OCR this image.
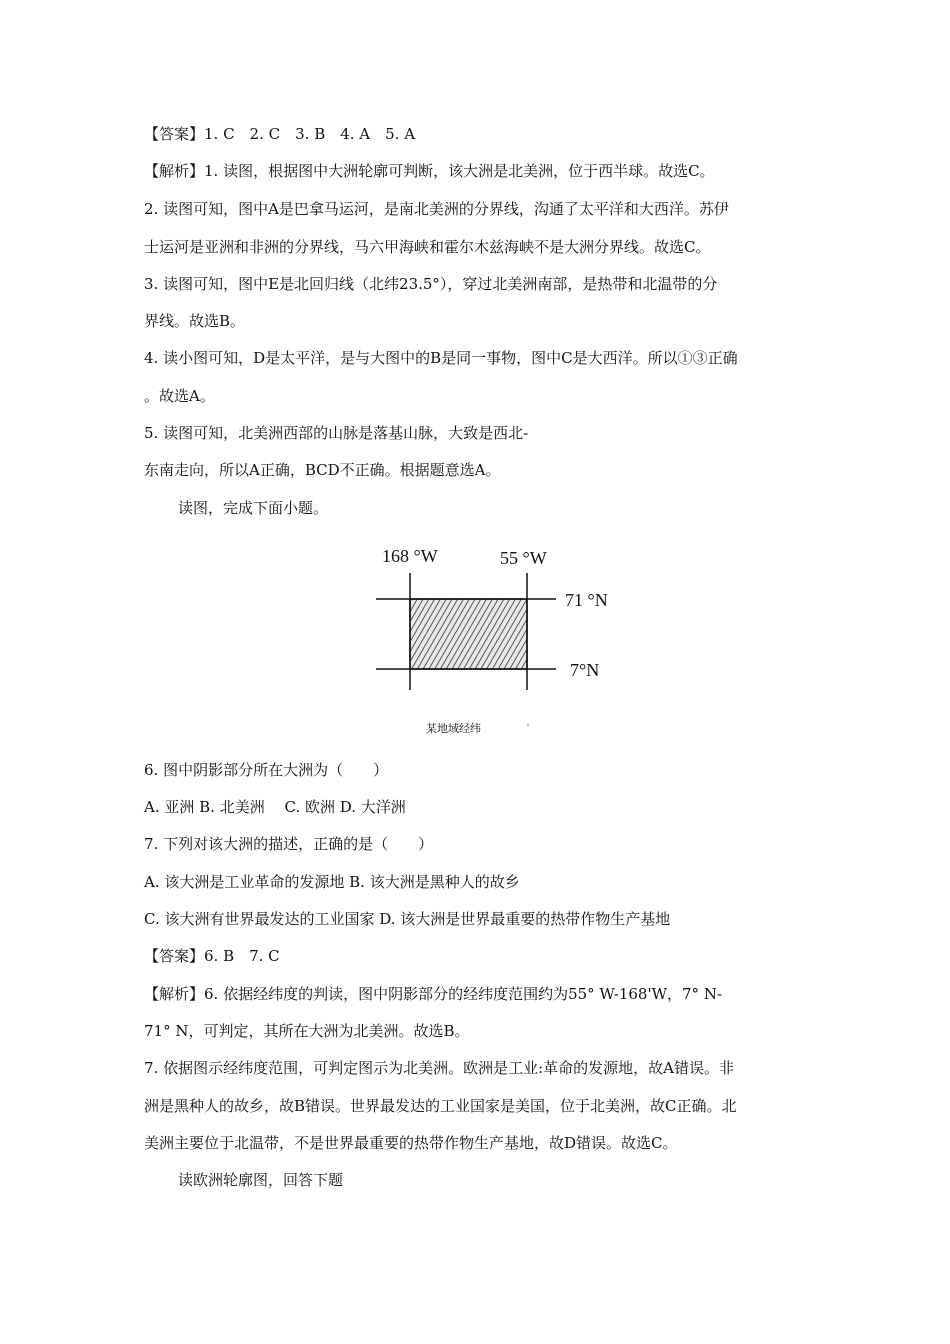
【答案】1. C　2. C　3. B　4. A　5. A
【解析】1. 读图，根据图中大洲轮廓可判断，该大洲是北美洲，位于西半球。故选C。
2. 读图可知，图中A是巴拿马运河，是南北美洲的分界线，沟通了太平洋和大西洋。苏伊
士运河是亚洲和非洲的分界线，马六甲海峡和霍尔木兹海峡不是大洲分界线。故选C。
3. 读图可知，图中E是北回归线（北纬23.5°），穿过北美洲南部，是热带和北温带的分
界线。故选B。
4. 读小图可知，D是太平洋，是与大图中的B是同一事物，图中C是大西洋。所以①③正确
。故选A。
5. 读图可知，北美洲西部的山脉是落基山脉，大致是西北-
东南走向，所以A正确，BCD不正确。根据题意选A。
读图，完成下面小题。
168 °W	55 °W
71 °N
7°N
某地域经纬
6. 图中阴影部分所在大洲为（　　）
A. 亚洲 B. 北美洲　 C. 欧洲 D. 大洋洲
7. 下列对该大洲的描述，正确的是（　　）
A. 该大洲是工业革命的发源地 B. 该大洲是黑种人的故乡
C. 该大洲有世界最发达的工业国家 D. 该大洲是世界最重要的热带作物生产基地
【答案】6. B　7. C
【解析】6. 依据经纬度的判读，图中阴影部分的经纬度范围约为55° W-168'W，7° N-
71° N，可判定，其所在大洲为北美洲。故选B。
7. 依据图示经纬度范围，可判定图示为北美洲。欧洲是工业:革命的发源地，故A错误。非
洲是黑种人的故乡，故B错误。世界最发达的工业国家是美国，位于北美洲，故C正确。北
美洲主要位于北温带，不是世界最重要的热带作物生产基地，故D错误。故选C。
读欧洲轮廓图，回答下题
